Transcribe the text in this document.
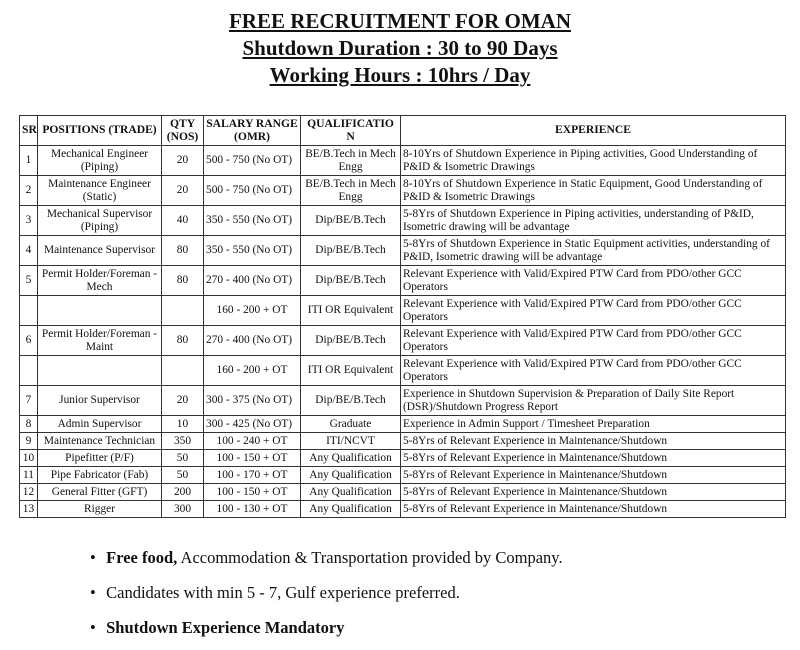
FREE RECRUITMENT FOR OMAN

Shutdown Duration : 30 to 90 Days

Working Hours : 10hrs / Day

SR	POSITIONS (TRADE)	QTY (NOS)	SALARY RANGE (OMR)	QUALIFICATIO N	EXPERIENCE
1	Mechanical Engineer (Piping)	20	500 - 750 (No OT)	BE/B.Tech in Mech Engg	8-10Yrs of Shutdown Experience in Piping activities, Good Understanding of P&ID & Isometric Drawings
2	Maintenance Engineer (Static)	20	500 - 750 (No OT)	BE/B.Tech in Mech Engg	8-10Yrs of Shutdown Experience in Static Equipment, Good Understanding of P&ID & Isometric Drawings
3	Mechanical Supervisor (Piping)	40	350 - 550 (No OT)	Dip/BE/B.Tech	5-8Yrs of Shutdown Experience in Piping activities, understanding of P&ID, Isometric drawing will be advantage
4	Maintenance Supervisor	80	350 - 550 (No OT)	Dip/BE/B.Tech	5-8Yrs of Shutdown Experience in Static Equipment activities, understanding of P&ID, Isometric drawing will be advantage
5	Permit Holder/Foreman - Mech	80	270 - 400 (No OT)	Dip/BE/B.Tech	Relevant Experience with Valid/Expired PTW Card from PDO/other GCC Operators
			160 - 200 + OT	ITI OR Equivalent	Relevant Experience with Valid/Expired PTW Card from PDO/other GCC Operators
6	Permit Holder/Foreman - Maint	80	270 - 400 (No OT)	Dip/BE/B.Tech	Relevant Experience with Valid/Expired PTW Card from PDO/other GCC Operators
			160 - 200 + OT	ITI OR Equivalent	Relevant Experience with Valid/Expired PTW Card from PDO/other GCC Operators
7	Junior Supervisor	20	300 - 375 (No OT)	Dip/BE/B.Tech	Experience in Shutdown Supervision & Preparation of Daily Site Report (DSR)/Shutdown Progress Report
8	Admin Supervisor	10	300 - 425 (No OT)	Graduate	Experience in Admin Support / Timesheet Preparation
9	Maintenance Technician	350	100 - 240 + OT	ITI/NCVT	5-8Yrs of Relevant Experience in Maintenance/Shutdown
10	Pipefitter (P/F)	50	100 - 150 + OT	Any Qualification	5-8Yrs of Relevant Experience in Maintenance/Shutdown
11	Pipe Fabricator (Fab)	50	100 - 170 + OT	Any Qualification	5-8Yrs of Relevant Experience in Maintenance/Shutdown
12	General Fitter (GFT)	200	100 - 150 + OT	Any Qualification	5-8Yrs of Relevant Experience in Maintenance/Shutdown
13	Rigger	300	100 - 130 + OT	Any Qualification	5-8Yrs of Relevant Experience in Maintenance/Shutdown
• Free food, Accommodation & Transportation provided by Company.
• Candidates with min 5 - 7, Gulf experience preferred.
• Shutdown Experience Mandatory
